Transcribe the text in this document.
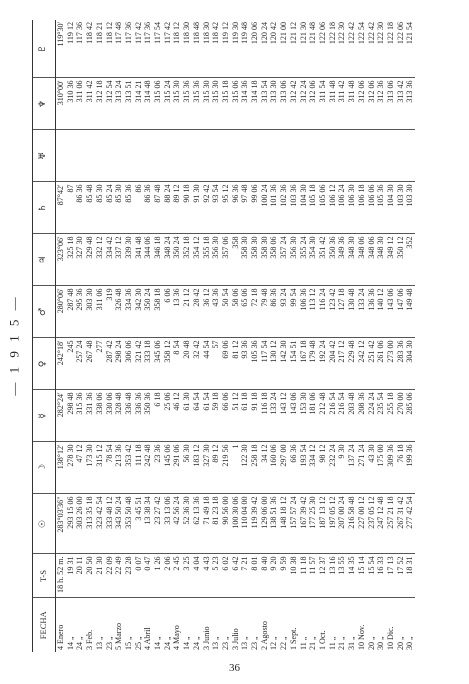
— 1 9 1 5 —
FECHA	T-S	☉	☽	☿	♀	♂	♃	♄	♅	♆	♇
4 Enero	18 h. 52 m.	283°03'36"	138°12'	282°24'	242°18'	280°06'	323°06'	87°42'		310°00'	119°30'
14 „	19 31	293 15 06	278 30	298 48	245	287 48	325 18	87		310 36	119 12
24 „	20 11	303 26 00	47 12	315 36	257 24	295 36	327 30	86 36		311 06	117 36
3 Feb.	20 50	313 35 18	173 30	331 36	267 48	303 30	329 48	85 48		311 42	118 42
13 „	21 30	323 42 54	315 12	338 06	277	311 06	332 12	85 30		312 18	118 21
23 „	22 09	333 48 12	78 54	330 06	287 42	319	334 42	85 24		312 54	118 12
5 Marzo	22 49	343 50 24	213 36	328 48	298 24	326 48	337 12	85 30		313 24	117 48
15 „	23 28	353 50 48	353 42	336 48	306 06	334 36	339 30	85 36		313 51	117 36
25 „	0 07	3 45 51	111 18	336 36	321 42	342 30	341 48	86		314 21	117 42
4 Abril	0 47	13 38 34	242 48	350 36	333 18	350 24	344 06	86 36		314 48	117 36
14 „	1 26	23 27 42	23 36	6 18	345 06	358 18	346 18	87 48		315 06	117 54
24 „	2 06	33 13 06	145 06	25 06	358 12	6 06	348 24	88 24		315 24	117 42
4 Mayo	2 45	42 56 24	291 06	46 12	8 54	13 36	350 24	89 12		315 30	118 12
14 „	3 25	52 36 30	56 30	61 30	20 48	21 12	352 18	90 18		315 36	118 30
24 „	4 04	62 13 36	183 12	64 54	32 42	28 42	354 12	91 30		315 36	118 48
3 Junio	4 43	71 49 18	327 30	61 54	44 54	36 12	355 18	92 42		315 30	118 30
13 „	5 23	81 23 18	89 12	59 18	57	43 36	356 30	93 54		315 30	118 42
23 „	6 02	90 56 00	219 56	66 06	69 06	50 54	357 06	95 12		315 18	119 12
3 Julio	6 42	100 30 06	1	51 12	81 12	58 06	358	96 36		315 06	119 30
13 „	7 21	110 04 00	122 30	61 18	93 36	65 06	358 30	97 48		314 36	119 48
23 „	8 01	119 39 42	258 18	91 18	105 36	72 18	358 30	99 06		314 18	120 06
2 Agosto	8 40	129 06 00	34 12	116 18	117 54	79 48	358 30	100 24		313 54	120 24
12 „	9 20	138 51 36	160 06	133 24	130 12	86 36	358 06	101 36		313 30	120 42
22 „	9 59	148 18 12	297 00	143 12	142 30	93 24	357 24	102 36		313 06	121 00
1 Sept.	10 38	157 57 24	66 36	143 06	154 51	99 54	356 30	103 36		312 42	121 12
11 „	11 18	167 39 42	193 54	153 30	167 18	106 36	355 24	104 30		312 24	121 30
21 „	11 57	177 25 30	334 12	181 06	179 48	113 12	354 30	105 18		312 06	121 48
1 Oct.	12 37	187 13 12	98 12	212 48	192 24	116 24	351 42	105 06		311 54	122 06
11 „	13 16	197 05 12	232 24	216 54	204 42	123 42	350 36	106 12		311 48	122 18
21 „	13 55	207 00 24	9 30	216 54	217 12	127 18	349 36	106 24		311 42	122 30
31 „	14 35	216 58 48	137 24	203 48	229 48	130 48	348 30	106 30		311 48	122 42
10 Nov.	15 14	227 00 12	271 24	208 36	242 12	133 24	348 06	106 18		312 06	122 54
20 „	15 54	237 05 12	43 30	224 24	251 42	136 36	348 06	106 06		312 06	122 42
30 „	16 33	247 12 48	175 00	235 54	261 06	140 12	348 30	105 36		312 36	122 30
10 Dic.	17 13	257 21 18	309 36	255 18	273 00	143 06	349 12	104 30		313 06	122 18
20 „	17 52	267 31 42	76 18	270 00	283 36	147 06	350 12	103 30		313 42	122 06
30 „	18 31	277 42 54	199 36	285 06	304 30	149 48	352	103 30		313 36	121 54
36
